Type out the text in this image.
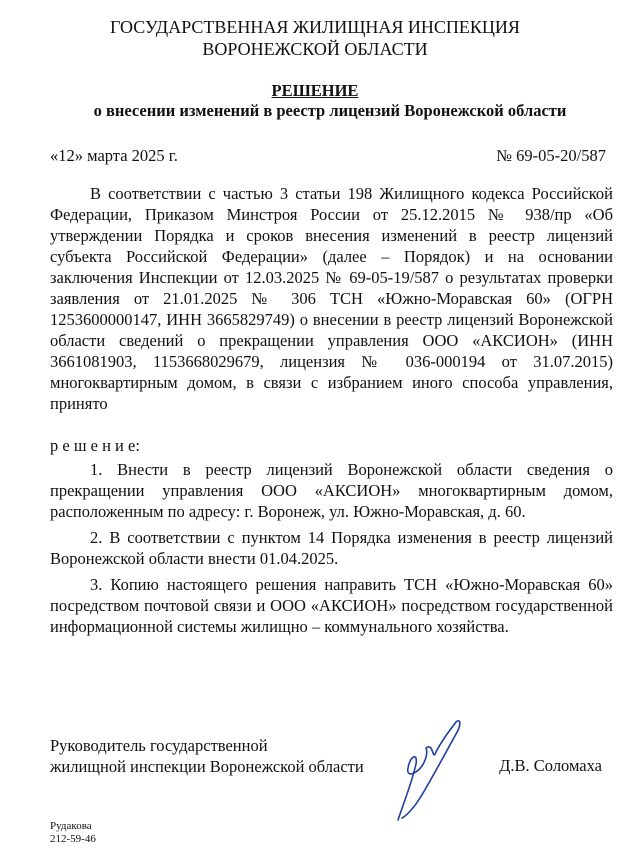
ГОСУДАРСТВЕННАЯ ЖИЛИЩНАЯ ИНСПЕКЦИЯ
ВОРОНЕЖСКОЙ ОБЛАСТИ
РЕШЕНИЕ
о внесении изменений в реестр лицензий Воронежской области
«12» марта 2025 г.	№ 69-05-20/587
В соответствии с частью 3 статьи 198 Жилищного кодекса Российской Федерации, Приказом Минстроя России от 25.12.2015 № 938/пр «Об утверждении Порядка и сроков внесения изменений в реестр лицензий субъекта Российской Федерации» (далее – Порядок) и на основании заключения Инспекции от 12.03.2025 № 69-05-19/587 о результатах проверки заявления от 21.01.2025 № 306 ТСН «Южно-Моравская 60» (ОГРН 1253600000147, ИНН 3665829749) о внесении в реестр лицензий Воронежской области сведений о прекращении управления ООО «АКСИОН» (ИНН 3661081903, 1153668029679, лицензия № 036-000194 от 31.07.2015) многоквартирным домом, в связи с избранием иного способа управления, принято
р е ш е н и е:
1. Внести в реестр лицензий Воронежской области сведения о прекращении управления ООО «АКСИОН» многоквартирным домом, расположенным по адресу: г. Воронеж, ул. Южно-Моравская, д. 60.
2. В соответствии с пунктом 14 Порядка изменения в реестр лицензий Воронежской области внести 01.04.2025.
3. Копию настоящего решения направить ТСН «Южно-Моравская 60» посредством почтовой связи и ООО «АКСИОН» посредством государственной информационной системы жилищно – коммунального хозяйства.
Руководитель государственной
жилищной инспекции Воронежской области	Д.В. Соломаха
Рудакова
212-59-46
